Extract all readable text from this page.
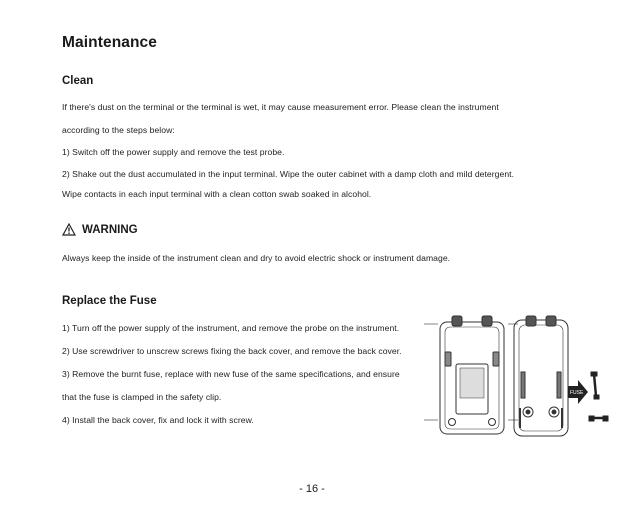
Maintenance
Clean
If there's dust on the terminal or the terminal is wet, it may cause measurement error. Please clean the instrument
according to the steps below:
1) Switch off the power supply and remove the test probe.
2) Shake out the dust accumulated in the input terminal. Wipe the outer cabinet with a damp cloth and mild detergent.
Wipe contacts in each input terminal with a clean cotton swab soaked in alcohol.
WARNING
Always keep the inside of the instrument clean and dry to avoid electric shock or instrument damage.
Replace the Fuse
1) Turn off the power supply of the instrument, and remove the probe on the instrument.
2) Use screwdriver to unscrew screws fixing the back cover, and remove the back cover.
3) Remove the burnt fuse, replace with new fuse of the same specifications, and ensure
that the fuse is clamped in the safety clip.
4) Install the back cover, fix and lock it with screw.
FUSE
- 16 -
